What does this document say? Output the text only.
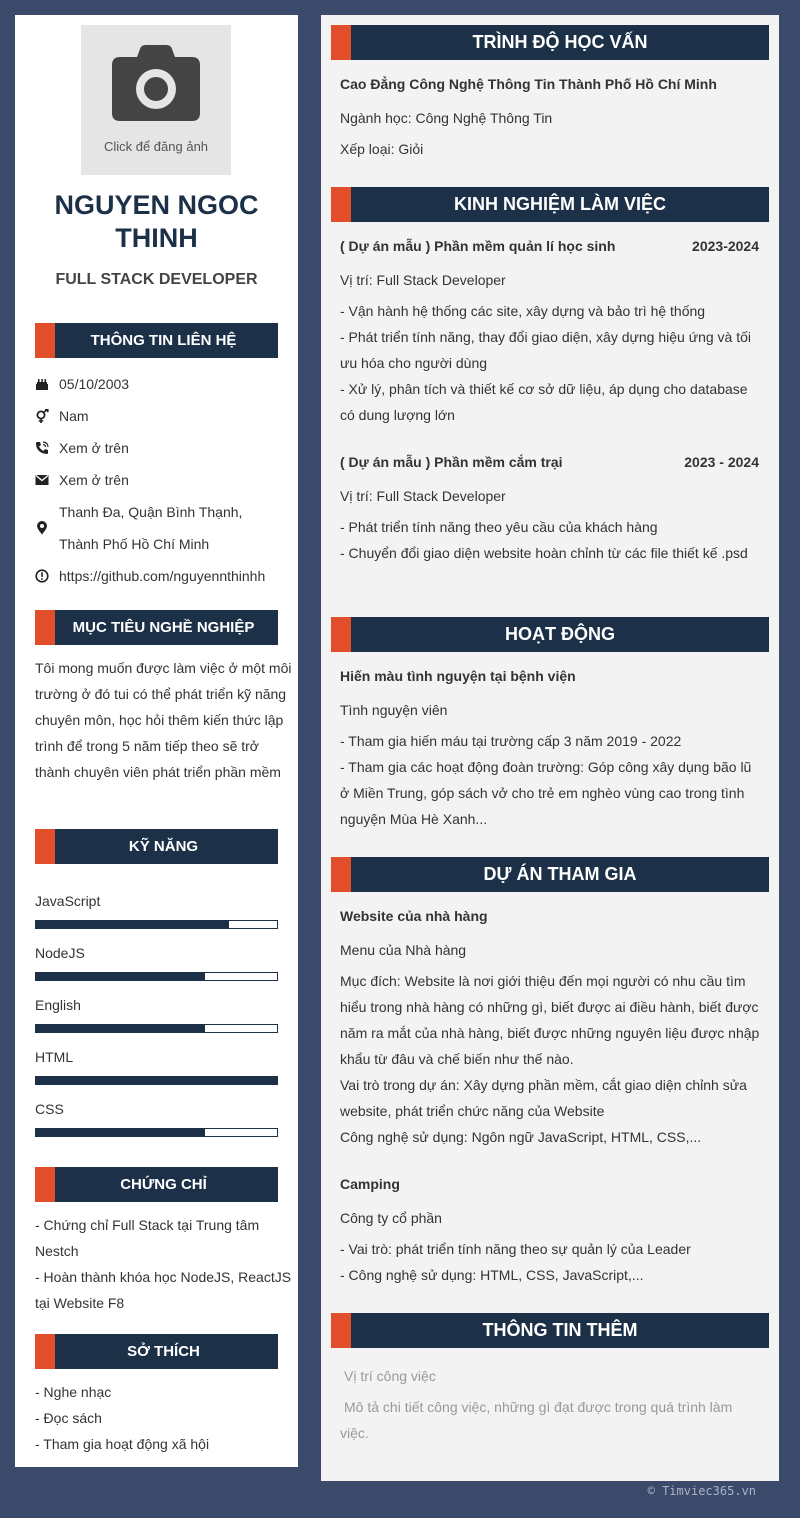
Click để đăng ảnh
NGUYEN NGOC THINH
FULL STACK DEVELOPER
THÔNG TIN LIÊN HỆ
05/10/2003
Nam
Xem ở trên
Xem ở trên
Thanh Đa, Quận Bình Thạnh,
Thành Phố Hồ Chí Minh
https://github.com/nguyennthinhh
MỤC TIÊU NGHỀ NGHIỆP
Tôi mong muốn được làm việc ở một môi trường ở đó tui có thể phát triển kỹ năng chuyên môn, học hỏi thêm kiến thức lập trình để trong 5 năm tiếp theo sẽ trở thành chuyên viên phát triển phần mềm
KỸ NĂNG
JavaScript
NodeJS
English
HTML
CSS
CHỨNG CHỈ
- Chứng chỉ Full Stack tại Trung tâm Nestch
- Hoàn thành khóa học NodeJS, ReactJS tại Website F8
SỞ THÍCH
- Nghe nhạc
- Đọc sách
- Tham gia hoạt động xã hội
TRÌNH ĐỘ HỌC VẤN
Cao Đẳng Công Nghệ Thông Tin Thành Phố Hồ Chí Minh
Ngành học: Công Nghệ Thông Tin
Xếp loại: Giỏi
KINH NGHIỆM LÀM VIỆC
( Dự án mẫu ) Phần mềm quản lí học sinh	2023-2024
Vị trí: Full Stack Developer
- Vận hành hệ thống các site, xây dựng và bảo trì hệ thống
- Phát triển tính năng, thay đổi giao diện, xây dựng hiệu ứng và tối ưu hóa cho người dùng
- Xử lý, phân tích và thiết kế cơ sở dữ liệu, áp dụng cho database có dung lượng lớn
( Dự án mẫu ) Phần mềm cắm trại	2023 - 2024
Vị trí: Full Stack Developer
- Phát triển tính năng theo yêu cầu của khách hàng
- Chuyển đổi giao diện website hoàn chỉnh từ các file thiết kế .psd
HOẠT ĐỘNG
Hiến màu tình nguyện tại bệnh viện
Tình nguyện viên
- Tham gia hiến máu tại trường cấp 3 năm 2019 - 2022
- Tham gia các hoạt động đoàn trường: Góp công xây dụng bão lũ ở Miền Trung, góp sách vở cho trẻ em nghèo vùng cao trong tình nguyện Mùa Hè Xanh...
DỰ ÁN THAM GIA
Website của nhà hàng
Menu của Nhà hàng
Mục đích: Website là nơi giới thiệu đến mọi người có nhu cầu tìm hiểu trong nhà hàng có những gì, biết được ai điều hành, biết được năm ra mắt của nhà hàng, biết được những nguyên liệu được nhập khẩu từ đâu và chế biến như thế nào.
Vai trò trong dự án: Xây dựng phần mềm, cắt giao diện chỉnh sửa website, phát triển chức năng của Website
Công nghệ sử dụng: Ngôn ngữ JavaScript, HTML, CSS,...
Camping
Công ty cổ phần
- Vai trò: phát triển tính năng theo sự quản lý của Leader
- Công nghệ sử dụng: HTML, CSS, JavaScript,...
THÔNG TIN THÊM
Vị trí công việc
Mô tả chi tiết công việc, những gì đạt được trong quá trình làm việc.
© Timviec365.vn
